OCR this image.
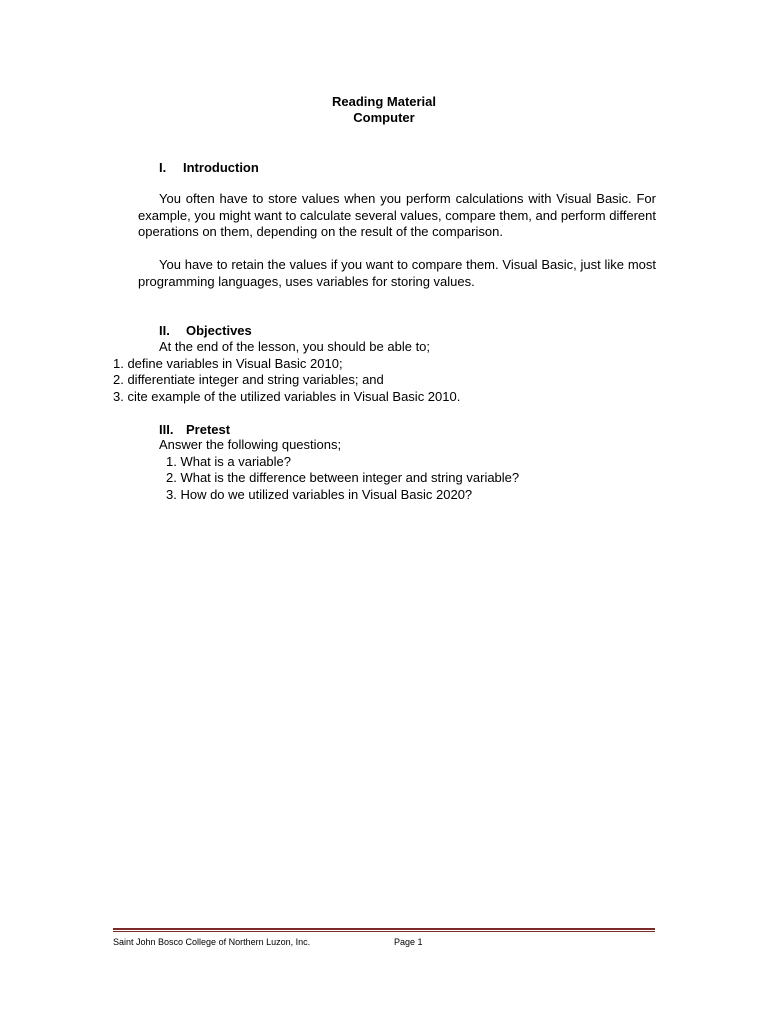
Reading Material
Computer
I. Introduction
You often have to store values when you perform calculations with Visual Basic. For example, you might want to calculate several values, compare them, and perform different operations on them, depending on the result of the comparison.
You have to retain the values if you want to compare them. Visual Basic, just like most programming languages, uses variables for storing values.
II. Objectives
At the end of the lesson, you should be able to;
1. define variables in Visual Basic 2010;
2. differentiate integer and string variables; and
3. cite example of the utilized variables in Visual Basic 2010.
III. Pretest
Answer the following questions;
1. What is a variable?
2. What is the difference between integer and string variable?
3. How do we utilized variables in Visual Basic 2020?
Saint John Bosco College of Northern Luzon, Inc.	Page 1
